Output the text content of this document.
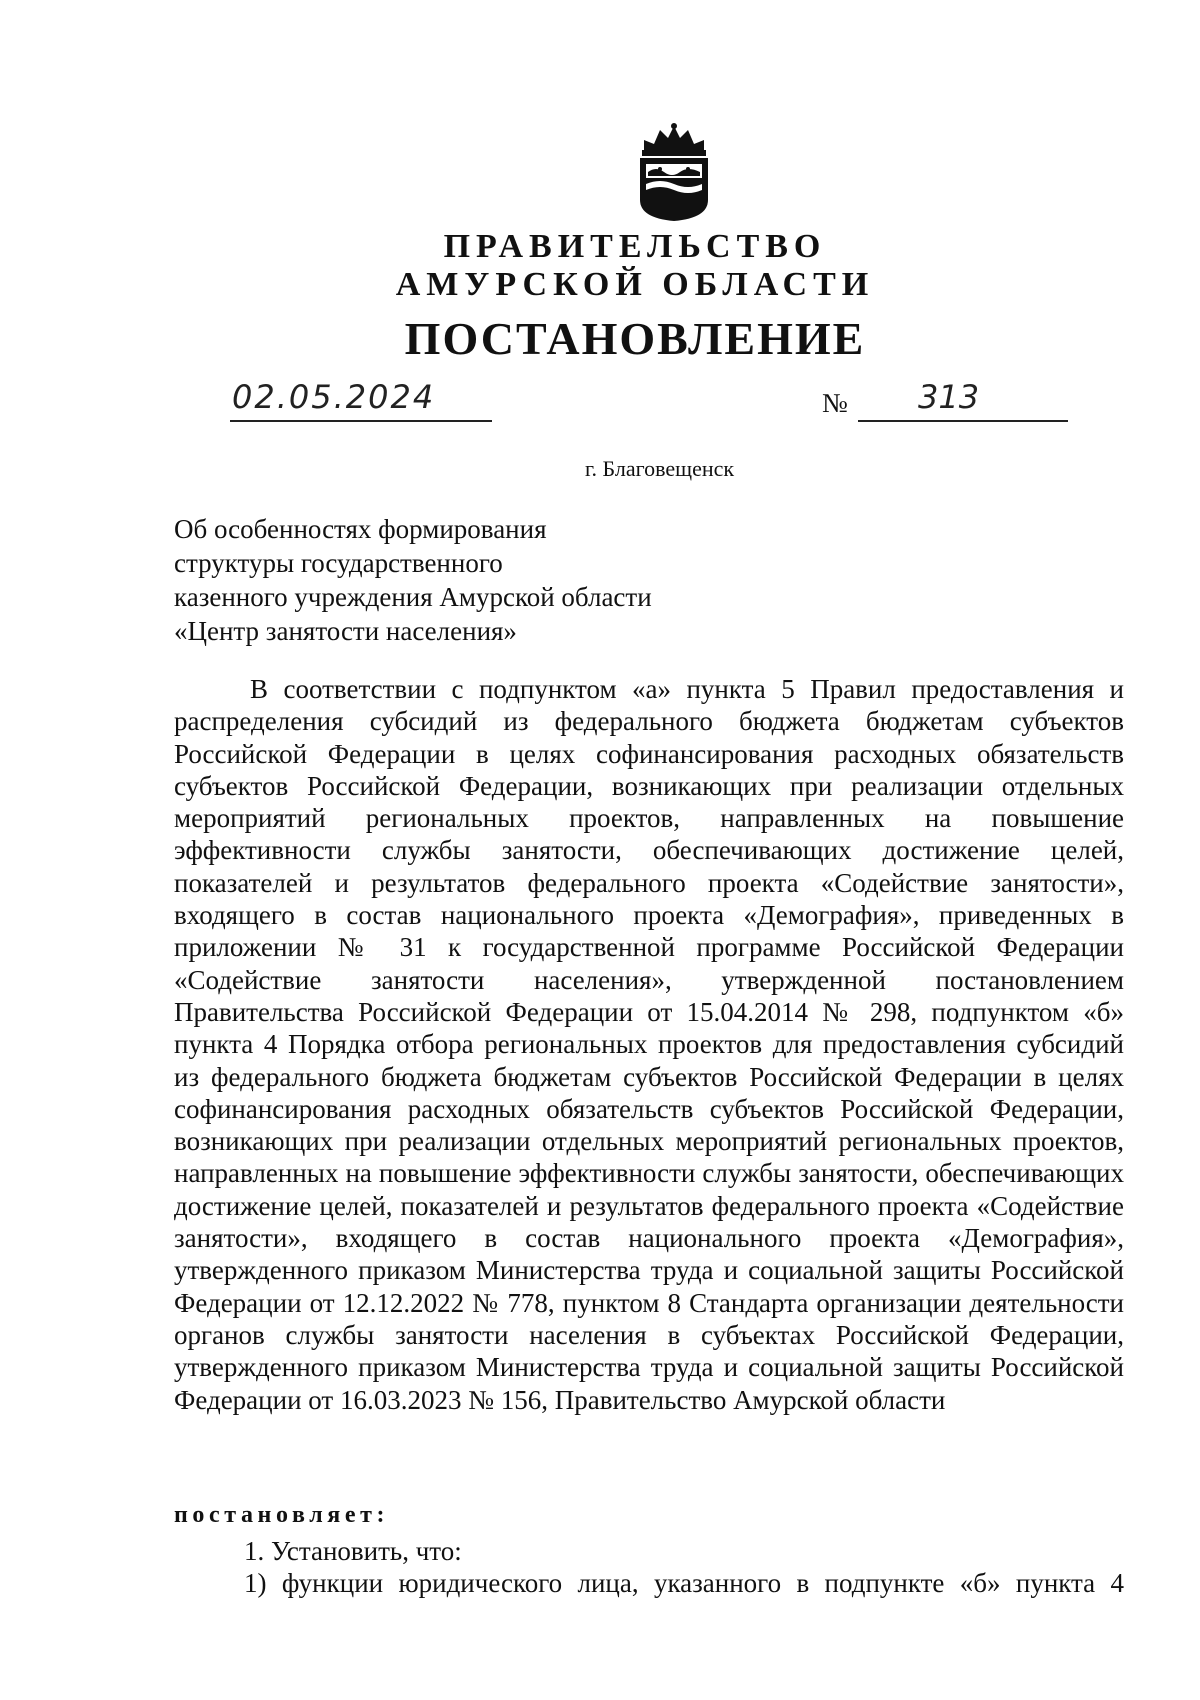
ПРАВИТЕЛЬСТВО
АМУРСКОЙ ОБЛАСТИ
ПОСТАНОВЛЕНИЕ
02.05.2024	№ 313
г. Благовещенск
Об особенностях формирования
структуры государственного
казенного учреждения Амурской области
«Центр занятости населения»
В соответствии с подпунктом «а» пункта 5 Правил предоставления и распределения субсидий из федерального бюджета бюджетам субъектов Российской Федерации в целях софинансирования расходных обязательств субъектов Российской Федерации, возникающих при реализации отдельных мероприятий региональных проектов, направленных на повышение эффективности службы занятости, обеспечивающих достижение целей, показателей и результатов федерального проекта «Содействие занятости», входящего в состав национального проекта «Демография», приведенных в приложении № 31 к государственной программе Российской Федерации «Содействие занятости населения», утвержденной постановлением Правительства Российской Федерации от 15.04.2014 № 298, подпунктом «б» пункта 4 Порядка отбора региональных проектов для предоставления субсидий из федерального бюджета бюджетам субъектов Российской Федерации в целях софинансирования расходных обязательств субъектов Российской Федерации, возникающих при реализации отдельных мероприятий региональных проектов, направленных на повышение эффективности службы занятости, обеспечивающих достижение целей, показателей и результатов федерального проекта «Содействие занятости», входящего в состав национального проекта «Демография», утвержденного приказом Министерства труда и социальной защиты Российской Федерации от 12.12.2022 № 778, пунктом 8 Стандарта организации деятельности органов службы занятости населения в субъектах Российской Федерации, утвержденного приказом Министерства труда и социальной защиты Российской Федерации от 16.03.2023 № 156, Правительство Амурской области
постановляет:
1. Установить, что:
1) функции юридического лица, указанного в подпункте «б» пункта 4
